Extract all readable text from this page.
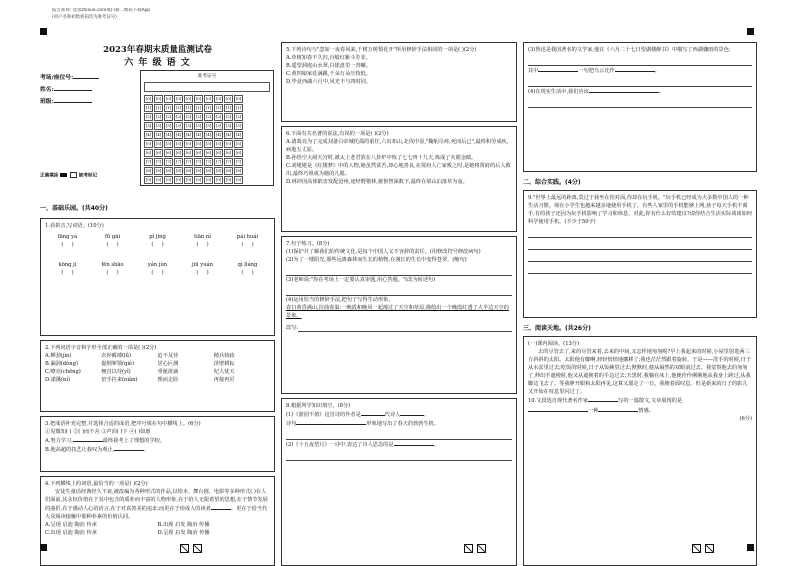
报告查询: 登录zhixue.com或扫描二维码下载App
(用户名和初始密码均为准考证号)
2023年春期末质量监测试卷
六 年 级 语 文
考场/座位号:
姓名:
班级:
准考证号
[0]	[0]	[0]	[0]	[0]	[0]	[0]	[0]	[0]	[0]
[1]	[1]	[1]	[1]	[1]	[1]	[1]	[1]	[1]	[1]
[2]	[2]	[2]	[2]	[2]	[2]	[2]	[2]	[2]	[2]
[3]	[3]	[3]	[3]	[3]	[3]	[3]	[3]	[3]	[3]
[4]	[4]	[4]	[4]	[4]	[4]	[4]	[4]	[4]	[4]
[5]	[5]	[5]	[5]	[5]	[5]	[5]	[5]	[5]	[5]
[6]	[6]	[6]	[6]	[6]	[6]	[6]	[6]	[6]	[6]
[7]	[7]	[7]	[7]	[7]	[7]	[7]	[7]	[7]	[7]
[8]	[8]	[8]	[8]	[8]	[8]	[8]	[8]	[8]	[8]
[9]	[9]	[9]	[9]	[9]	[9]	[9]	[9]	[9]	[9]
正确填涂	缺考标记
一、基础乐园。(共40分)
1.看拼音,写词语。(10分)
fāng yá	fū gāi	pí jīng	tiān nì	pái huái
(     )	(     )	(     )	(     )	(     )
kōng jì	fēn shāo	yán jùn	jiū yuán	qì liáng
(     )	(     )	(     )	(     )	(     )
2.下列词语字音和字形全部正确的一项是( )(2分)
A.柳劲(jìn)	衣衫褴褛(lǚ)	迫不及待	精兵简政
B.漏洞(dòng)	提纲挈领(qiè)	居心叵测	泽壁耕耘
C.嘹亮(chēng)	翘首以待(yǐ)	垂涎欲滴	杞人忧天
D.漾溪(ní)	倍手挂来(niǎn)	铿而走险	再接再厉
3.把成语补充完整,并选择合适的成语,把序号填在句中横线上。(6分)
①见微知( ) ②( )而不舍 ③声泪( )下 ④( )如愿
A.努力学习,	最终我考上了理想的学校。
B.他高超的技艺让我叹为观止,	。
4.下列横线上的词语,最恰当的一项是( )(2分)
安徒生童话经典经久不衰,被改编为各种形式的作品,以绘本、舞台剧、电影等多种形式( )在人们面前,其永恒价值在于其中包含的质朴而丰富的人物形象,在于给人无限希望的思想,在于情节发展的曲折,在于感动人心的语言,在于对真善美的追求;而更在于给成人的读者	。更在于给当代大众阅读接触中那种朴素的价值认同。
A.呈现 启迪 陶冶 传承	B.出现 启发 陶冶 传播
C.出现 启迪 陶冶 传承	D.呈现 启发 陶冶 传播
5.下列诗句与"忽如一夜春风来,千树万树梨花开"所用修辞手法相同的一项是( )(2分)
A.草树知春不久归,百般红紫斗芳菲。
B.遥望洞庭山水翠,白银盘里一青螺。
C.黄四娘家花满蹊,千朵万朵压枝低。
D.毕竟西湖六月中,风光不与四时同。
6.下面有关名著的说法,有误的一项是( )(2分)
A.诸葛亮为了完成刘备白帝城托孤的重任,六出祁山,北伐中原,"鞠躬尽瘁,死而后已",最终积劳成疾,病逝五丈原。
B.孙悟空大闹天宫时,被太上老君放在八卦炉中炼了七七四十九天,炼成了火眼金睛。
C.刘姥姥是《红楼梦》中的人物,她虽然贫苦,却心地善良,在贾府人亡家败之时,是她将贾府的后人救出,最终巧姐成为她的儿媳。
D.林冲因高俅陷害发配沧州,途经野猪林,被鲁智深救下,最终在梁山泊落草为寇。
7.句子练习。(8分)
(1)保护并了解我们的传统文化,是每个中国人义不容辞的责任。(用修改符号修改病句)
(2)为了一缕阳光,那些远离森林而生长的植物,在漫长的生长中变得苍翠。(缩句)
(3)老师说:"你在考场上一定要认真审题,用心答题。"(改为转述句)
(4)运用恰当的修辞手法,把句子写得生动形象。
春日黄昏满山,拉曲春温:一晚霞和晚风一起漫过了天空和草原,描绘出一个晚霞红透了大半边天空的景象。
改写:
8.根据所学知识填空。(8分)
(1)《游园不值》这首诗的作者是	代诗人	。
诗句	形象地写出了春天的勃勃生机。
(2)《十五夜望月》一诗中,表达了诗人思念的是	。
(3)鲁迅是我国著名的文学家,他在《六月二十七日望湖楼醉书》中描写了西湖骤雨的景色:
其中	一句把乌云比作	。
(4)在现实生活中,我们应该	。
二、综合实践。(4分)
9."世界上最远的距离,莫过于我坐在你对面,你却在玩手机。"玩手机已经成为大多数中国人的一种生活习惯。现在小学生也越来越多地使用手机了。有些人家里的手机能够上网,孩子每天手机不离手,有的孩子还因为玩手机影响了学习和休息。对此,你有什么好的建议?请你结合生活实际谈谈如何科学使用手机。(不少于50字)
三、阅读天地。(共26分)
(一)课内阅读。(13分)
去的尽管去了,来的尽管来着,去来的中间,又怎样地匆匆呢?早上我起来的时候,小屋里射进两三方斜斜的太阳。太阳他有脚啊,轻轻悄悄地挪移了;我也茫茫然跟着旋转。于是——洗手的时候,日子从水盆里过去;吃饭的时候,日子从饭碗里过去;默默时,便从凝然的双眼前过去。我觉察他去的匆匆了,伸出手遮挽时,他又从遮挽着的手边过去;天黑时,我躺在床上,他便伶伶俐俐地从我身上跨过,从我脚边飞去了。等我睁开眼和太阳再见,这算又溜走了一日。我掩着面叹息。但是新来的日子的影儿又开始在叹息里闪过了。
10.文段选自现代著名作家	写的一篇散文,文章展现的是
一种	情感。
(6分)
